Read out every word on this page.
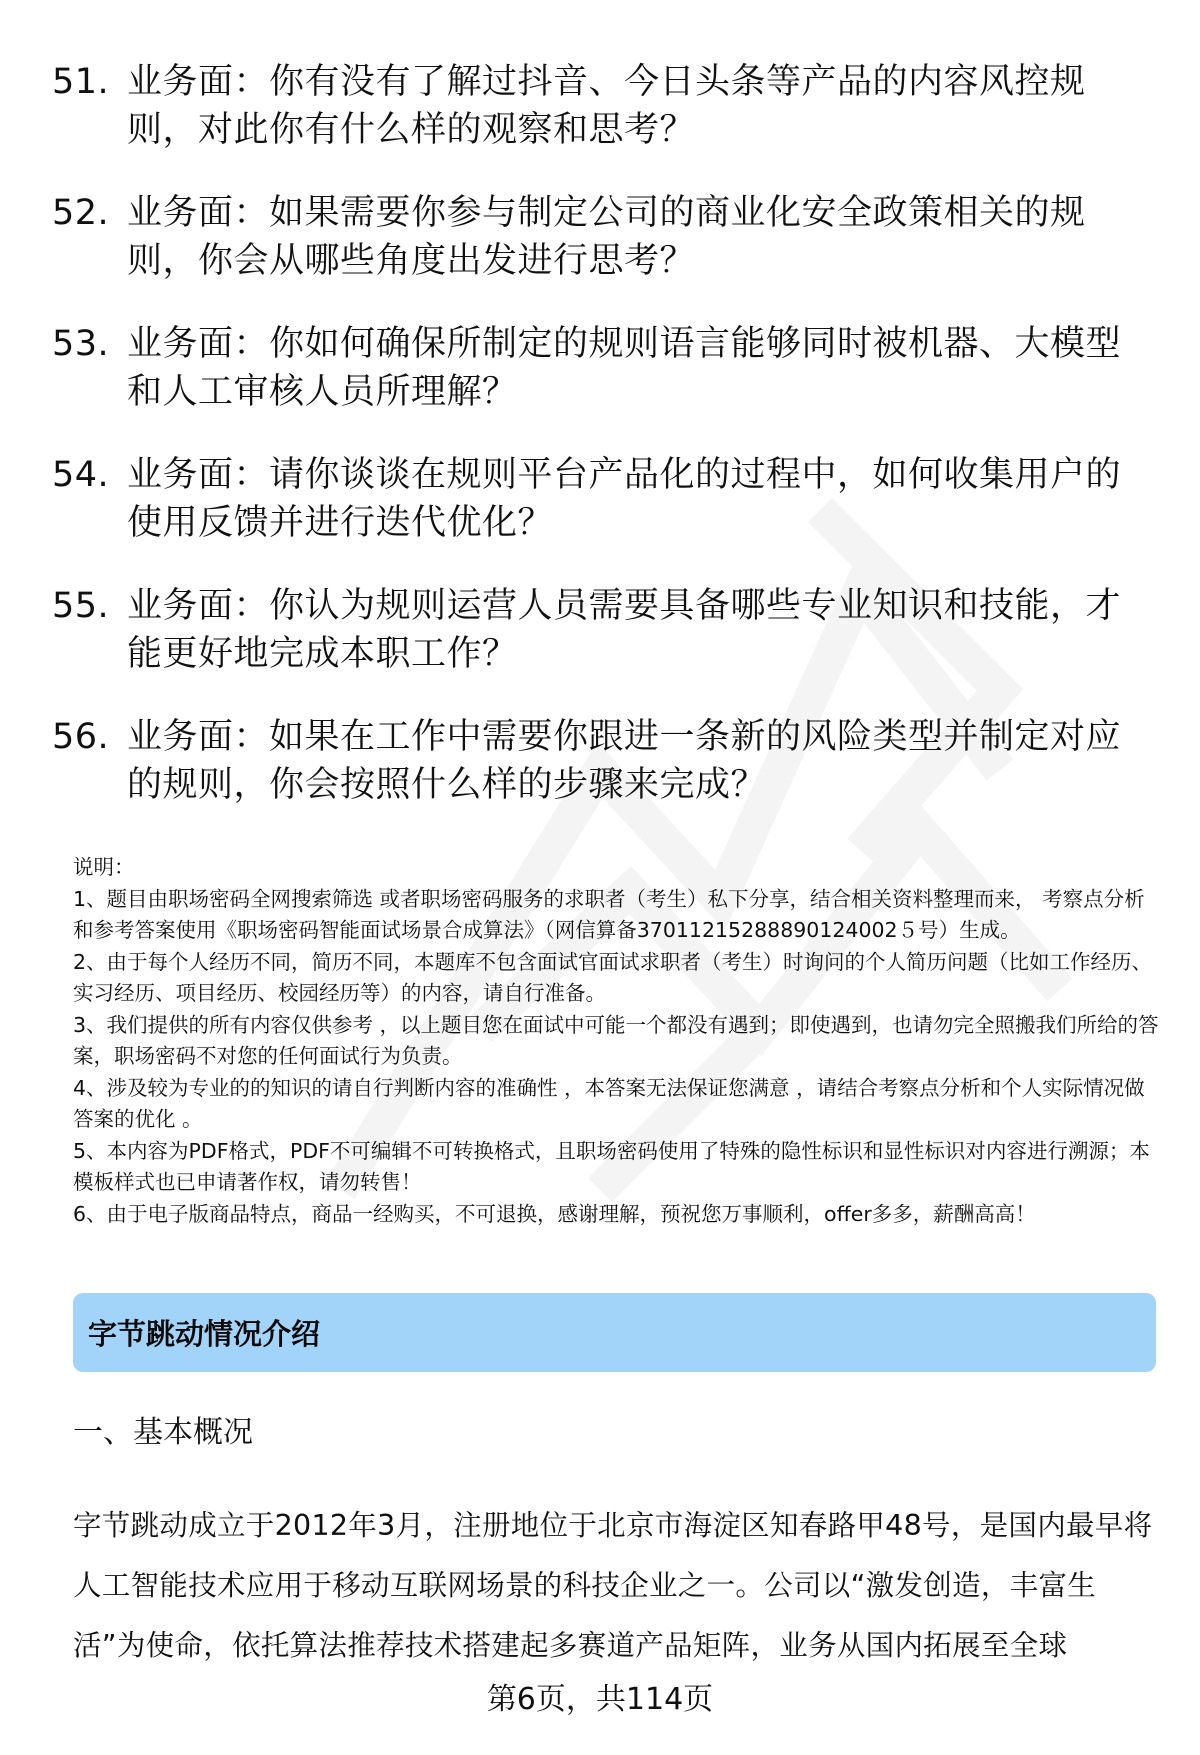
51. 业务面：你有没有了解过抖音、今日头条等产品的内容风控规则，对此你有什么样的观察和思考？
52. 业务面：如果需要你参与制定公司的商业化安全政策相关的规则，你会从哪些角度出发进行思考？
53. 业务面：你如何确保所制定的规则语言能够同时被机器、大模型和人工审核人员所理解？
54. 业务面：请你谈谈在规则平台产品化的过程中，如何收集用户的使用反馈并进行迭代优化？
55. 业务面：你认为规则运营人员需要具备哪些专业知识和技能，才能更好地完成本职工作？
56. 业务面：如果在工作中需要你跟进一条新的风险类型并制定对应的规则，你会按照什么样的步骤来完成？

说明：

1、题目由职场密码全网搜索筛选 或者职场密码服务的求职者（考生）私下分享，结合相关资料整理而来， 考察点分析和参考答案使用《职场密码智能面试场景合成算法》（网信算备37011215288890124002５号）生成。

2、由于每个人经历不同，简历不同，本题库不包含面试官面试求职者（考生）时询问的个人简历问题（比如工作经历、实习经历、项目经历、校园经历等）的内容，请自行准备。

3、我们提供的所有内容仅供参考 ，以上题目您在面试中可能一个都没有遇到；即使遇到，也请勿完全照搬我们所给的答案，职场密码不对您的任何面试行为负责。

4、涉及较为专业的的知识的请自行判断内容的准确性 ，本答案无法保证您满意 ，请结合考察点分析和个人实际情况做答案的优化 。

5、本内容为PDF格式，PDF不可编辑不可转换格式，且职场密码使用了特殊的隐性标识和显性标识对内容进行溯源；本模板样式也已申请著作权，请勿转售！

6、由于电子版商品特点，商品一经购买，不可退换，感谢理解，预祝您万事顺利，offer多多，薪酬高高！

字节跳动情况介绍
一、基本概况
字节跳动成立于2012年3月，注册地位于北京市海淀区知春路甲48号，是国内最早将人工智能技术应用于移动互联网场景的科技企业之一。公司以“激发创造，丰富生活”为使命，依托算法推荐技术搭建起多赛道产品矩阵，业务从国内拓展至全球
第6页，共114页
